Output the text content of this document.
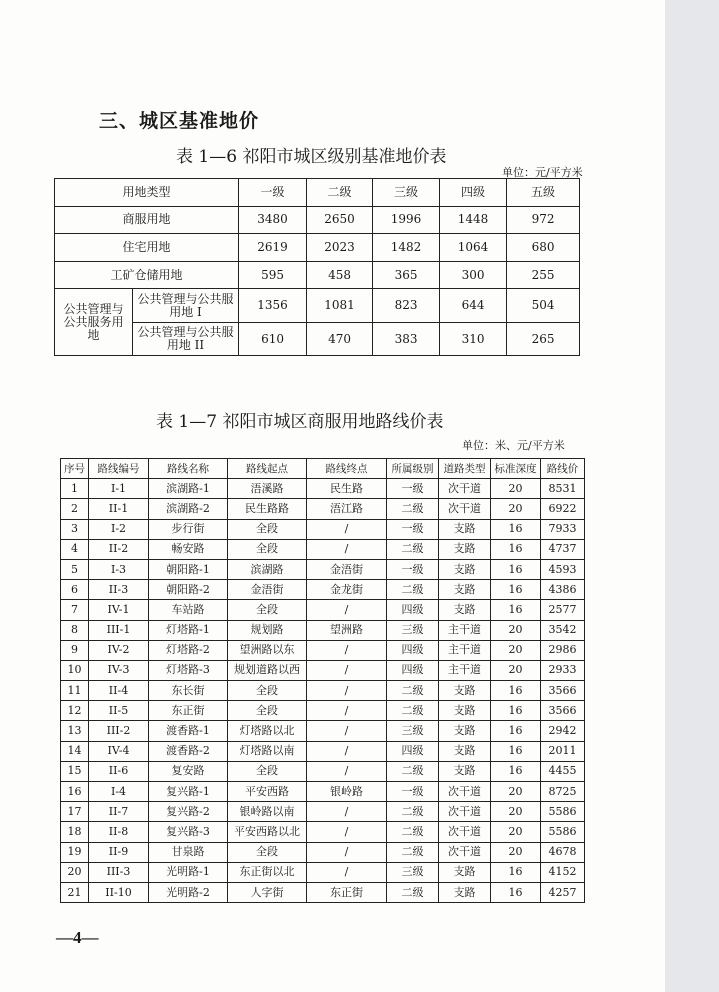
三、城区基准地价
表 1—6 祁阳市城区级别基准地价表
单位：元/平方米
用地类型		一级	二级	三级	四级	五级
商服用地		3480	2650	1996	1448	972
住宅用地		2619	2023	1482	1064	680
工矿仓储用地		595	458	365	300	255
公共管理与公共服务用地	公共管理与公共服用地 I	1356	1081	823	644	504
	公共管理与公共服用地 II	610	470	383	310	265
表 1—7 祁阳市城区商服用地路线价表
单位：米、元/平方米
序号	路线编号	路线名称	路线起点	路线终点	所属级别	道路类型	标准深度	路线价
1	I-1	滨湖路-1	浯溪路	民生路	一级	次干道	20	8531
2	II-1	滨湖路-2	民生路路	浯江路	二级	次干道	20	6922
3	I-2	步行街	全段	/	一级	支路	16	7933
4	II-2	畅安路	全段	/	二级	支路	16	4737
5	I-3	朝阳路-1	滨湖路	金浯街	一级	支路	16	4593
6	II-3	朝阳路-2	金浯街	金龙街	二级	支路	16	4386
7	IV-1	车站路	全段	/	四级	支路	16	2577
8	III-1	灯塔路-1	规划路	望洲路	三级	主干道	20	3542
9	IV-2	灯塔路-2	望洲路以东	/	四级	主干道	20	2986
10	IV-3	灯塔路-3	规划道路以西	/	四级	主干道	20	2933
11	II-4	东长街	全段	/	二级	支路	16	3566
12	II-5	东正街	全段	/	二级	支路	16	3566
13	III-2	渡香路-1	灯塔路以北	/	三级	支路	16	2942
14	IV-4	渡香路-2	灯塔路以南	/	四级	支路	16	2011
15	II-6	复安路	全段	/	二级	支路	16	4455
16	I-4	复兴路-1	平安西路	银岭路	一级	次干道	20	8725
17	II-7	复兴路-2	银岭路以南	/	二级	次干道	20	5586
18	II-8	复兴路-3	平安西路以北	/	二级	次干道	20	5586
19	II-9	甘泉路	全段	/	二级	次干道	20	4678
20	III-3	光明路-1	东正街以北	/	三级	支路	16	4152
21	II-10	光明路-2	人字街	东正街	二级	支路	16	4257
—4—
